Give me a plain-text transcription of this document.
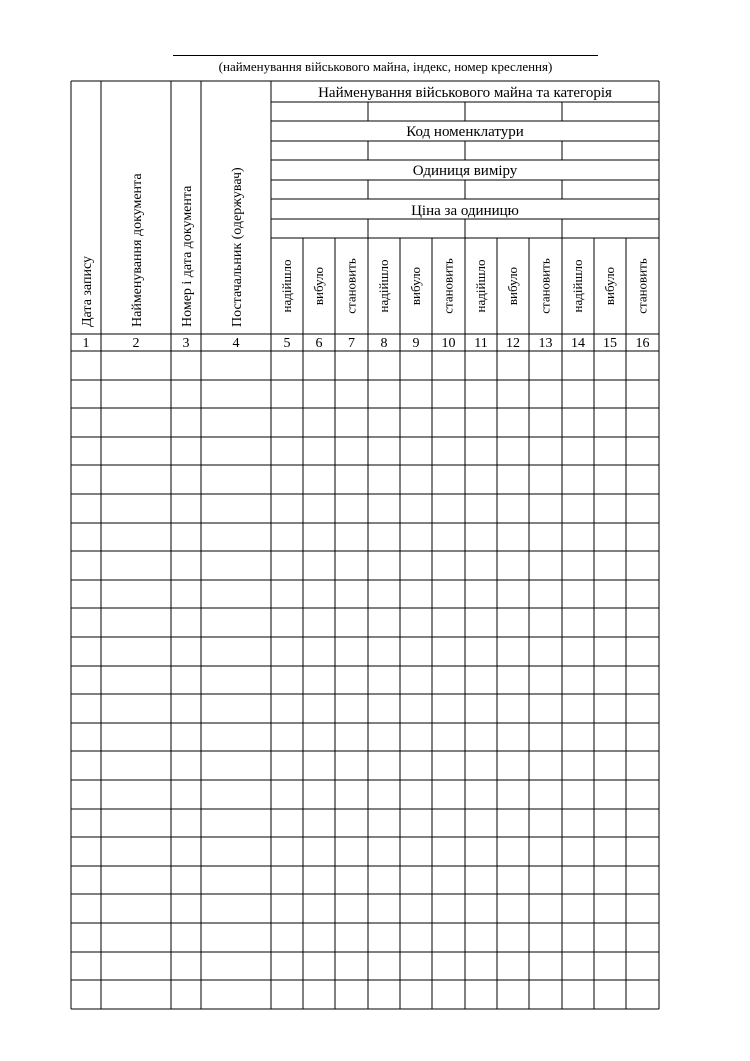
(найменування військового майна, індекс, номер креслення)
Найменування військового майна та категорія
Код номенклатури
Одиниця виміру
Ціна за одиницю
Дата запису	Найменування документа	Номер і дата документа	Постачальник (одержувач)	надійшло вибуло становить надійшло вибуло становить надійшло вибуло становить надійшло вибуло становить
1	2	3	4	5 6 7 8 9 10 11 12 13 14 15 16
